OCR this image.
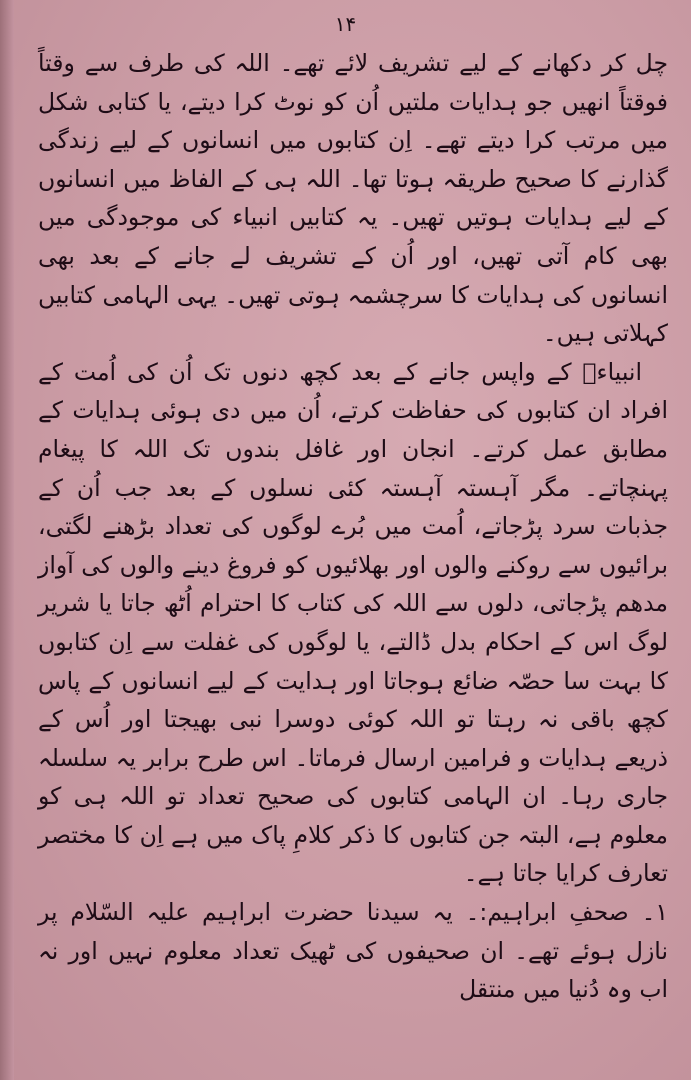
۱۴

چل کر دکھانے کے لیے تشریف لائے تھے۔ اللہ کی طرف سے وقتاً فوقتاً انھیں جو ہدایات ملتیں اُن کو نوٹ کرا دیتے، یا کتابی شکل میں مرتب کرا دیتے تھے۔ اِن کتابوں میں انسانوں کے لیے زندگی گذارنے کا صحیح طریقہ ہوتا تھا۔ اللہ ہی کے الفاظ میں انسانوں کے لیے ہدایات ہوتیں تھیں۔ یہ کتابیں انبیاء کی موجودگی میں بھی کام آتی تھیں، اور اُن کے تشریف لے جانے کے بعد بھی انسانوں کی ہدایات کا سرچشمہ ہوتی تھیں۔ یہی الہامی کتابیں کہلاتی ہیں۔

انبیاءؑ کے واپس جانے کے بعد کچھ دنوں تک اُن کی اُمت کے افراد ان کتابوں کی حفاظت کرتے، اُن میں دی ہوئی ہدایات کے مطابق عمل کرتے۔ انجان اور غافل بندوں تک اللہ کا پیغام پہنچاتے۔ مگر آہستہ آہستہ کئی نسلوں کے بعد جب اُن کے جذبات سرد پڑجاتے، اُمت میں بُرے لوگوں کی تعداد بڑھنے لگتی، برائیوں سے روکنے والوں اور بھلائیوں کو فروغ دینے والوں کی آواز مدھم پڑجاتی، دلوں سے اللہ کی کتاب کا احترام اُٹھ جاتا یا شریر لوگ اس کے احکام بدل ڈالتے، یا لوگوں کی غفلت سے اِن کتابوں کا بہت سا حصّہ ضائع ہوجاتا اور ہدایت کے لیے انسانوں کے پاس کچھ باقی نہ رہتا تو اللہ کوئی دوسرا نبی بھیجتا اور اُس کے ذریعے ہدایات و فرامین ارسال فرماتا۔ اس طرح برابر یہ سلسلہ جاری رہا۔ ان الہامی کتابوں کی صحیح تعداد تو اللہ ہی کو معلوم ہے، البتہ جن کتابوں کا ذکر کلامِ پاک میں ہے اِن کا مختصر تعارف کرایا جاتا ہے۔

۱۔ صحفِ ابراہیم:۔ یہ سیدنا حضرت ابراہیم علیہ السّلام پر نازل ہوئے تھے۔ ان صحیفوں کی ٹھیک تعداد معلوم نہیں اور نہ اب وہ دُنیا میں منتقل
